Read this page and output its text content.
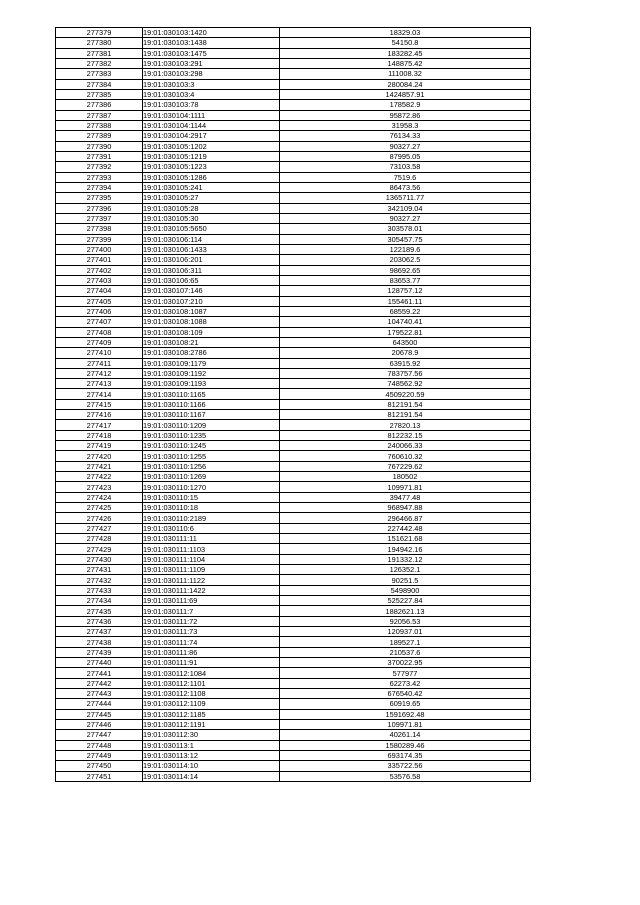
277379	19:01:030103:1420	18329.03
277380	19:01:030103:1438	54150.8
277381	19:01:030103:1475	183282.45
277382	19:01:030103:291	148875.42
277383	19:01:030103:298	111008.32
277384	19:01:030103:3	280084.24
277385	19:01:030103:4	1424857.91
277386	19:01:030103:78	178582.9
277387	19:01:030104:1111	95872.86
277388	19:01:030104:1144	31958.3
277389	19:01:030104:2917	76134.33
277390	19:01:030105:1202	90327.27
277391	19:01:030105:1219	87995.05
277392	19:01:030105:1223	73103.58
277393	19:01:030105:1286	7519.6
277394	19:01:030105:241	86473.56
277395	19:01:030105:27	1365711.77
277396	19:01:030105:28	342109.04
277397	19:01:030105:30	90327.27
277398	19:01:030105:5650	303578.01
277399	19:01:030106:114	305457.75
277400	19:01:030106:1433	122189.6
277401	19:01:030106:201	203062.5
277402	19:01:030106:311	98692.65
277403	19:01:030106:65	83653.77
277404	19:01:030107:146	128757.12
277405	19:01:030107:210	155461.11
277406	19:01:030108:1087	68559.22
277407	19:01:030108:1088	104740.41
277408	19:01:030108:109	179522.81
277409	19:01:030108:21	643500
277410	19:01:030108:2786	20678.9
277411	19:01:030109:1179	63915.92
277412	19:01:030109:1192	783757.56
277413	19:01:030109:1193	748562.92
277414	19:01:030110:1165	4509220.59
277415	19:01:030110:1166	812191.54
277416	19:01:030110:1167	812191.54
277417	19:01:030110:1209	27820.13
277418	19:01:030110:1235	812232.15
277419	19:01:030110:1245	240066.33
277420	19:01:030110:1255	760610.32
277421	19:01:030110:1256	767229.62
277422	19:01:030110:1269	180502
277423	19:01:030110:1270	109971.81
277424	19:01:030110:15	39477.48
277425	19:01:030110:18	968947.88
277426	19:01:030110:2189	296466.87
277427	19:01:030110:6	227442.48
277428	19:01:030111:11	151621.68
277429	19:01:030111:1103	194942.16
277430	19:01:030111:1104	191332.12
277431	19:01:030111:1109	126352.1
277432	19:01:030111:1122	90251.5
277433	19:01:030111:1422	5498900
277434	19:01:030111:69	525227.84
277435	19:01:030111:7	1882621.13
277436	19:01:030111:72	92056.53
277437	19:01:030111:73	120937.01
277438	19:01:030111:74	189527.1
277439	19:01:030111:86	210537.6
277440	19:01:030111:91	370022.95
277441	19:01:030112:1084	577977
277442	19:01:030112:1101	62273.42
277443	19:01:030112:1108	676540.42
277444	19:01:030112:1109	60919.65
277445	19:01:030112:1185	1591692.48
277446	19:01:030112:1191	109971.81
277447	19:01:030112:30	40261.14
277448	19:01:030113:1	1580289.46
277449	19:01:030113:12	693174.35
277450	19:01:030114:10	335722.56
277451	19:01:030114:14	53576.58
